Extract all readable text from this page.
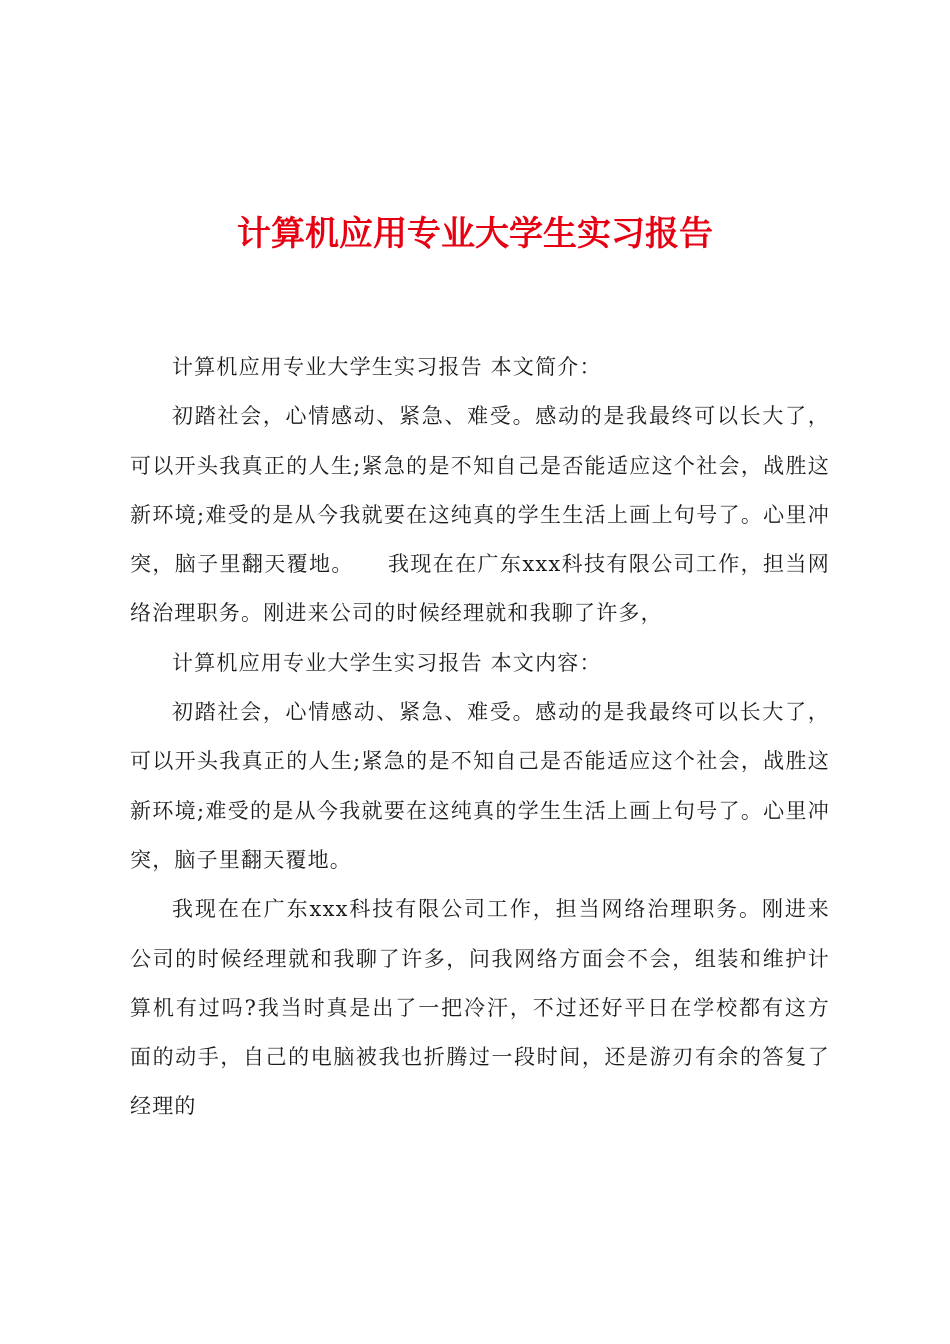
计算机应用专业大学生实习报告

计算机应用专业大学生实习报告 本文简介：

初踏社会，心情感动、紧急、难受。感动的是我最终可以长大了，可以开头我真正的人生;紧急的是不知自己是否能适应这个社会，战胜这新环境;难受的是从今我就要在这纯真的学生生活上画上句号了。心里冲突，脑子里翻天覆地。　　我现在在广东xxx科技有限公司工作，担当网络治理职务。刚进来公司的时候经理就和我聊了许多，

计算机应用专业大学生实习报告 本文内容：

初踏社会，心情感动、紧急、难受。感动的是我最终可以长大了，可以开头我真正的人生;紧急的是不知自己是否能适应这个社会，战胜这新环境;难受的是从今我就要在这纯真的学生生活上画上句号了。心里冲突，脑子里翻天覆地。

我现在在广东xxx科技有限公司工作，担当网络治理职务。刚进来公司的时候经理就和我聊了许多，问我网络方面会不会，组装和维护计算机有过吗?我当时真是出了一把冷汗，不过还好平日在学校都有这方面的动手，自己的电脑被我也折腾过一段时间，还是游刃有余的答复了经理的
